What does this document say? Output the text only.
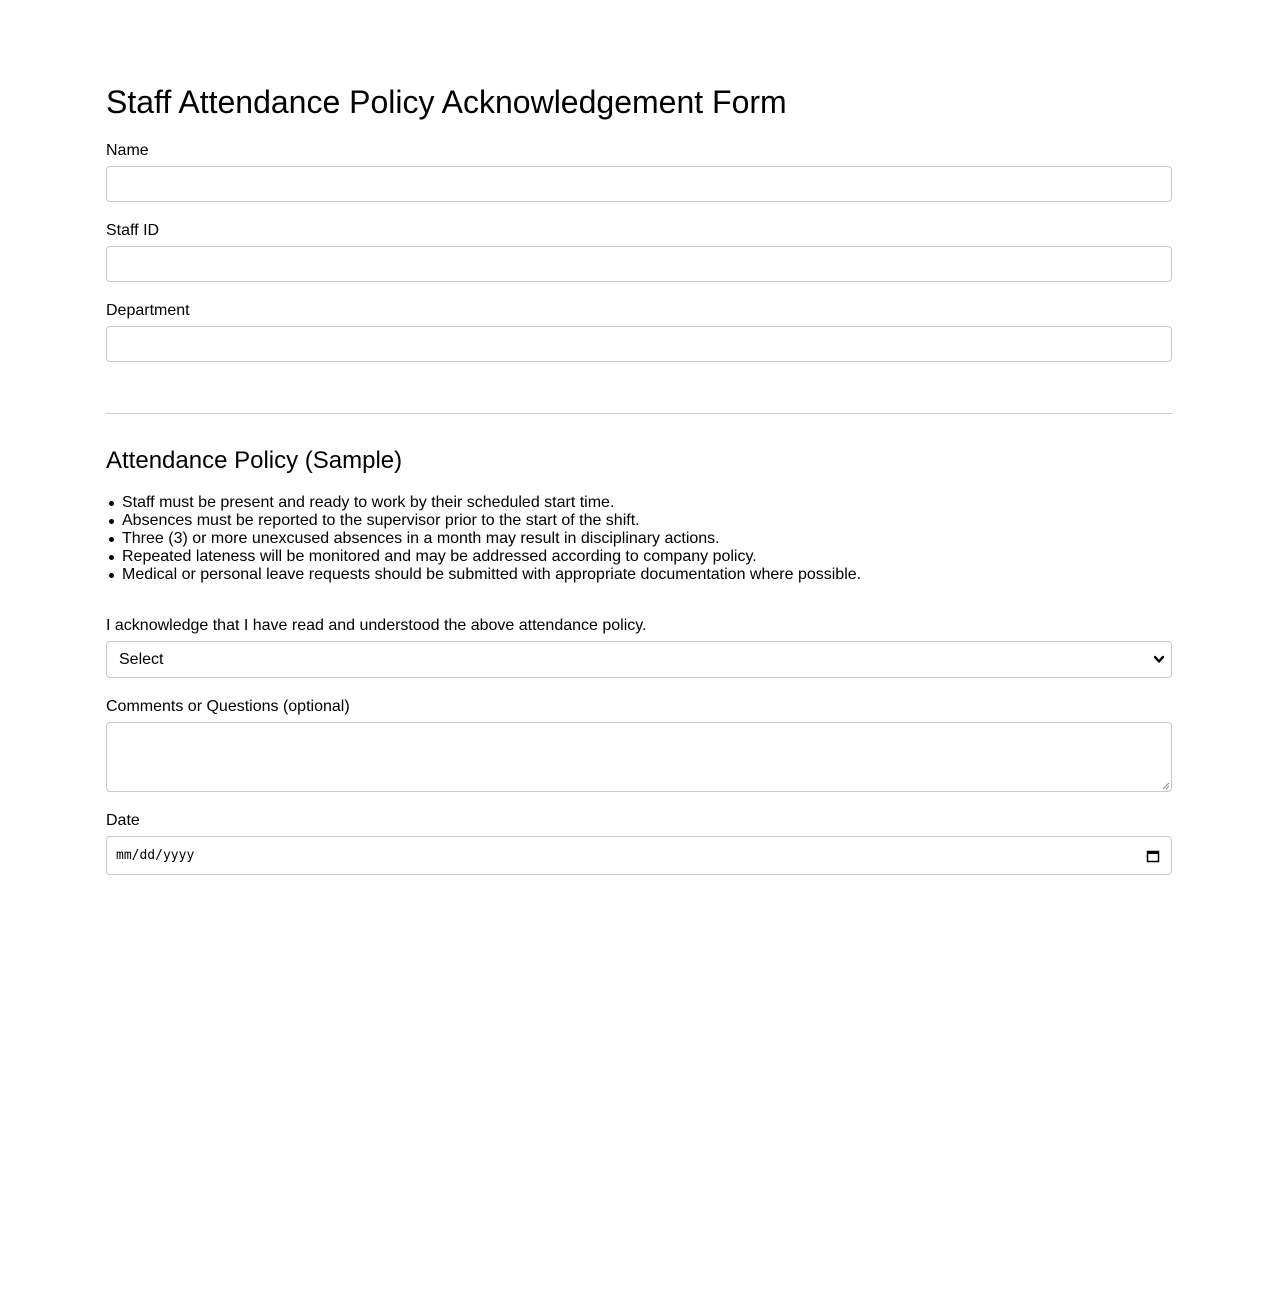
Staff Attendance Policy Acknowledgement Form
Name
Staff ID
Department
Attendance Policy (Sample)
Staff must be present and ready to work by their scheduled start time.
Absences must be reported to the supervisor prior to the start of the shift.
Three (3) or more unexcused absences in a month may result in disciplinary actions.
Repeated lateness will be monitored and may be addressed according to company policy.
Medical or personal leave requests should be submitted with appropriate documentation where possible.
I acknowledge that I have read and understood the above attendance policy.
Select
Comments or Questions (optional)
Date
mm/dd/yyyy
